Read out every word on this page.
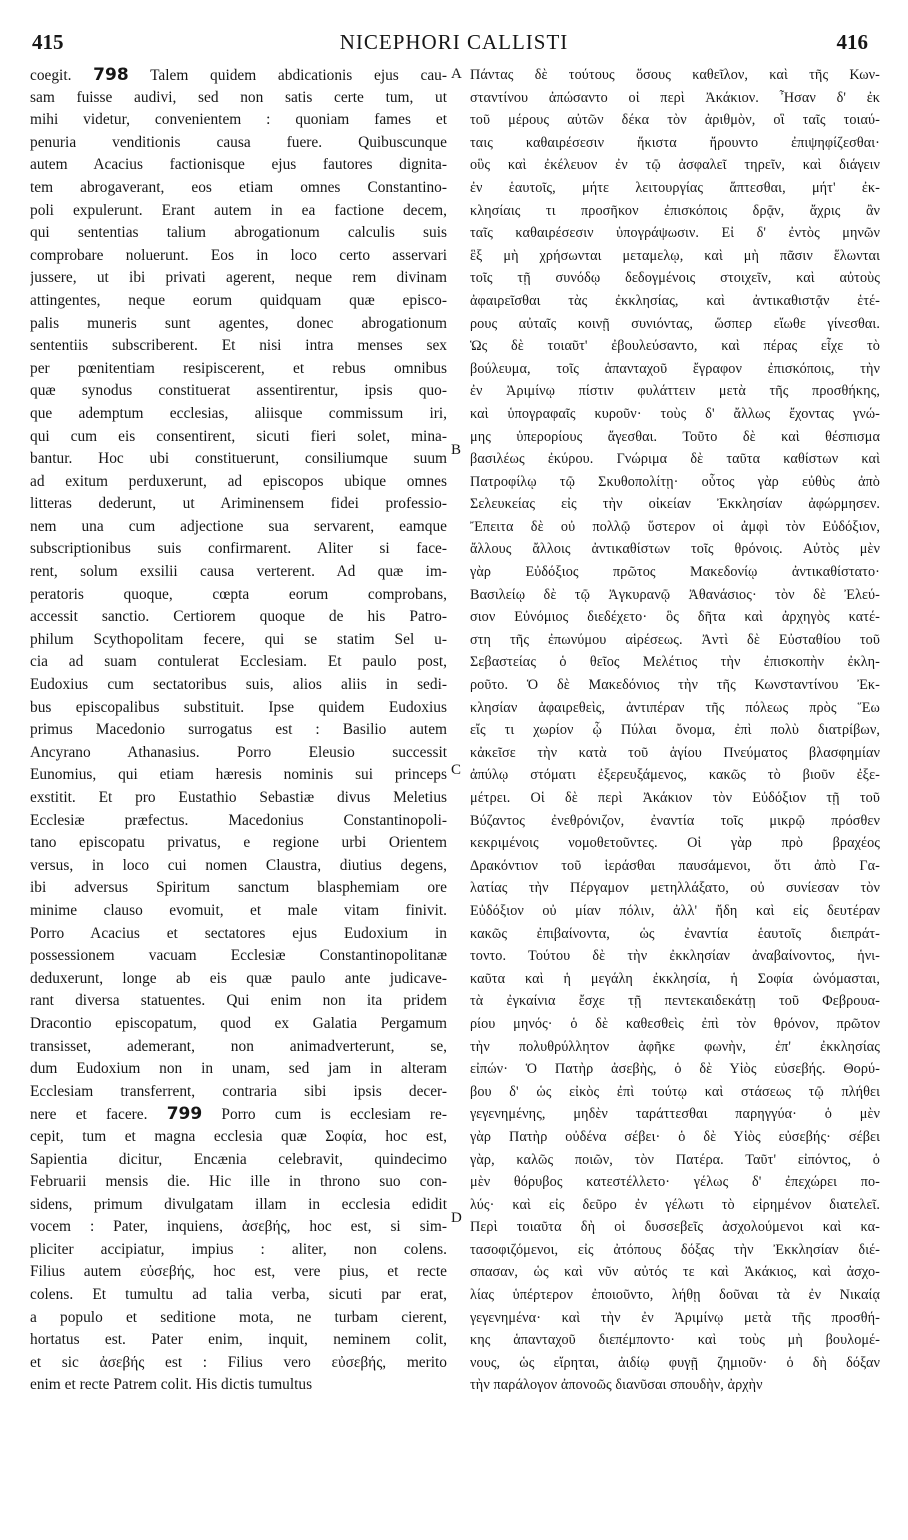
415	NICEPHORI CALLISTI	416
coegit. 798 Talem quidem abdicationis ejus cau-
sam fuisse audivi, sed non satis certe tum, ut
mihi videtur, convenientem : quoniam fames et
penuria venditionis causa fuere. Quibuscunque
autem Acacius factionisque ejus fautores dignita-
tem abrogaverant, eos etiam omnes Constantino-
poli expulerunt. Erant autem in ea factione decem,
qui sententias talium abrogationum calculis suis
comprobare noluerunt. Eos in loco certo asservari
jussere, ut ibi privati agerent, neque rem divinam
attingentes, neque eorum quidquam quæ episco-
palis muneris sunt agentes, donec abrogationum
sententiis subscriberent. Et nisi intra menses sex
per pœnitentiam resipiscerent, et rebus omnibus
quæ synodus constituerat assentirentur, ipsis quo-
que ademptum ecclesias, aliisque commissum iri,
qui cum eis consentirent, sicuti fieri solet, mina-
bantur. Hoc ubi constituerunt, consiliumque suum
ad exitum perduxerunt, ad episcopos ubique omnes
litteras dederunt, ut Ariminensem fidei professio-
nem una cum adjectione sua servarent, eamque
subscriptionibus suis confirmarent. Aliter si face-
rent, solum exsilii causa verterent. Ad quæ im-
peratoris quoque, cœpta eorum comprobans,
accessit sanctio. Certiorem quoque de his Patro-
philum Scythopolitam fecere, qui se statim Sel u-
cia ad suam contulerat Ecclesiam. Et paulo post,
Eudoxius cum sectatoribus suis, alios aliis in sedi-
bus episcopalibus substituit. Ipse quidem Eudoxius
primus Macedonio surrogatus est : Basilio autem
Ancyrano Athanasius. Porro Eleusio successit
Eunomius, qui etiam hæresis nominis sui princeps
exstitit. Et pro Eustathio Sebastiæ divus Meletius
Ecclesiæ præfectus. Macedonius Constantinopoli-
tano episcopatu privatus, e regione urbi Orientem
versus, in loco cui nomen Claustra, diutius degens,
ibi adversus Spiritum sanctum blasphemiam ore
minime clauso evomuit, et male vitam finivit.
Porro Acacius et sectatores ejus Eudoxium in
possessionem vacuam Ecclesiæ Constantinopolitanæ
deduxerunt, longe ab eis quæ paulo ante judicave-
rant diversa statuentes. Qui enim non ita pridem
Dracontio episcopatum, quod ex Galatia Pergamum
transisset, ademerant, non animadverterunt, se,
dum Eudoxium non in unam, sed jam in alteram
Ecclesiam transferrent, contraria sibi ipsis decer-
nere et facere. 799 Porro cum is ecclesiam re-
cepit, tum et magna ecclesia quæ Σοφία, hoc est,
Sapientia dicitur, Encænia celebravit, quindecimo
Februarii mensis die. Hic ille in throno suo con-
sidens, primum divulgatam illam in ecclesia edidit
vocem : Pater, inquiens, ἀσεβής, hoc est, si sim-
pliciter accipiatur, impius : aliter, non colens.
Filius autem εὐσεβής, hoc est, vere pius, et recte
colens. Et tumultu ad talia verba, sicuti par erat,
a populo et seditione mota, ne turbam cierent,
hortatus est. Pater enim, inquit, neminem colit,
et sic ἀσεβής est : Filius vero εὐσεβής, merito
enim et recte Patrem colit. His dictis tumultus
Πάντας δὲ τούτους ὅσους καθεῖλον, καὶ τῆς Κων-
σταντίνου ἀπώσαντο οἱ περὶ Ἀκάκιον. Ἦσαν δ' ἐκ
τοῦ μέρους αὐτῶν δέκα τὸν ἀριθμὸν, οἳ ταῖς τοιαύ-
ταις καθαιρέσεσιν ἥκιστα ἤρουντο ἐπιψηφίζεσθαι·
οὓς καὶ ἐκέλευον ἐν τῷ ἀσφαλεῖ τηρεῖν, καὶ διάγειν
ἐν ἑαυτοῖς, μήτε λειτουργίας ἅπτεσθαι, μήτ' ἐκ-
κλησίαις τι προσῆκον ἐπισκόποις δρᾷν, ἄχρις ἂν
ταῖς καθαιρέσεσιν ὑπογράψωσιν. Εἰ δ' ἐντὸς μηνῶν
ἓξ μὴ χρήσωνται μεταμελῳ, καὶ μὴ πᾶσιν ἕλωνται
τοῖς τῇ συνόδῳ δεδογμένοις στοιχεῖν, καὶ αὐτοὺς
ἀφαιρεῖσθαι τὰς ἐκκλησίας, καὶ ἀντικαθιστᾷν ἑτέ-
ρους αὐταῖς κοινῇ συνιόντας, ὥσπερ εἴωθε γίνεσθαι.
Ὡς δὲ τοιαῦτ' ἐβουλεύσαντο, καὶ πέρας εἶχε τὸ
βούλευμα, τοῖς ἁπανταχοῦ ἔγραφον ἐπισκόποις, τὴν
ἐν Ἀριμίνῳ πίστιν φυλάττειν μετὰ τῆς προσθήκης,
καὶ ὑπογραφαῖς κυροῦν· τοὺς δ' ἄλλως ἔχοντας γνώ-
μης ὑπερορίους ἄγεσθαι. Τοῦτο δὲ καὶ θέσπισμα
βασιλέως ἐκύρου. Γνώριμα δὲ ταῦτα καθίστων καὶ
Πατροφίλῳ τῷ Σκυθοπολίτῃ· οὗτος γὰρ εὐθὺς ἀπὸ
Σελευκείας εἰς τὴν οἰκείαν Ἐκκλησίαν ἀφώρμησεν.
Ἔπειτα δὲ οὐ πολλῷ ὕστερον οἱ ἀμφὶ τὸν Εὐδόξιον,
ἄλλους ἄλλοις ἀντικαθίστων τοῖς θρόνοις. Αὐτὸς μὲν
γὰρ Εὐδόξιος πρῶτος Μακεδονίῳ ἀντικαθίστατο·
Βασιλείῳ δὲ τῷ Ἀγκυρανῷ Ἀθανάσιος· τὸν δὲ Ἐλεύ-
σιον Εὐνόμιος διεδέχετο· ὃς δῆτα καὶ ἀρχηγὸς κατέ-
στη τῆς ἐπωνύμου αἱρέσεως. Ἀντὶ δὲ Εὐσταθίου τοῦ
Σεβαστείας ὁ θεῖος Μελέτιος τὴν ἐπισκοπὴν ἐκλη-
ροῦτο. Ὁ δὲ Μακεδόνιος τὴν τῆς Κωνσταντίνου Ἐκ-
κλησίαν ἀφαιρεθεὶς, ἀντιπέραν τῆς πόλεως πρὸς Ἕω
εἴς τι χωρίον ᾧ Πύλαι ὄνομα, ἐπὶ πολὺ διατρίβων,
κἀκεῖσε τὴν κατὰ τοῦ ἁγίου Πνεύματος βλασφημίαν
ἀπύλῳ στόματι ἐξερευξάμενος, κακῶς τὸ βιοῦν ἐξε-
μέτρει. Οἱ δὲ περὶ Ἀκάκιον τὸν Εὐδόξιον τῇ τοῦ
Βύζαντος ἐνεθρόνιζον, ἐναντία τοῖς μικρῷ πρόσθεν
κεκριμένοις νομοθετοῦντες. Οἱ γὰρ πρὸ βραχέος
Δρακόντιον τοῦ ἱεράσθαι παυσάμενοι, ὅτι ἀπὸ Γα-
λατίας τὴν Πέργαμον μετηλλάξατο, οὐ συνίεσαν τὸν
Εὐδόξιον οὐ μίαν πόλιν, ἀλλ' ἤδη καὶ εἰς δευτέραν
κακῶς ἐπιβαίνοντα, ὡς ἐναντία ἑαυτοῖς διεπράτ-
τοντο. Τούτου δὲ τὴν ἐκκλησίαν ἀναβαίνοντος, ἡνι-
καῦτα καὶ ἡ μεγάλη ἐκκλησία, ἡ Σοφία ὠνόμασται,
τὰ ἐγκαίνια ἔσχε τῇ πεντεκαιδεκάτῃ τοῦ Φεβρουα-
ρίου μηνός· ὁ δὲ καθεσθεὶς ἐπὶ τὸν θρόνον, πρῶτον
τὴν πολυθρύλλητον ἀφῆκε φωνὴν, ἐπ' ἐκκλησίας
εἰπών· Ὁ Πατὴρ ἀσεβὴς, ὁ δὲ Υἱὸς εὐσεβής. Θορύ-
βου δ' ὡς εἰκὸς ἐπὶ τούτῳ καὶ στάσεως τῷ πλήθει
γεγενημένης, μηδὲν ταράττεσθαι παρηγγύα· ὁ μὲν
γὰρ Πατὴρ οὐδένα σέβει· ὁ δὲ Υἱὸς εὐσεβής· σέβει
γὰρ, καλῶς ποιῶν, τὸν Πατέρα. Ταῦτ' εἰπόντος, ὁ
μὲν θόρυβος κατεστέλλετο· γέλως δ' ἐπεχώρει πο-
λύς· καὶ εἰς δεῦρο ἐν γέλωτι τὸ εἰρημένον διατελεῖ.
Περὶ τοιαῦτα δὴ οἱ δυσσεβεῖς ἀσχολούμενοι καὶ κα-
τασοφιζόμενοι, εἰς ἀτόπους δόξας τὴν Ἐκκλησίαν διέ-
σπασαν, ὡς καὶ νῦν αὐτός τε καὶ Ἀκάκιος, καὶ ἀσχο-
λίας ὑπέρτερον ἐποιοῦντο, λήθῃ δοῦναι τὰ ἐν Νικαίᾳ
γεγενημένα· καὶ τὴν ἐν Ἀριμίνῳ μετὰ τῆς προσθή-
κης ἁπανταχοῦ διεπέμποντο· καὶ τοὺς μὴ βουλομέ-
νους, ὡς εἴρηται, ἀιδίῳ φυγῇ ζημιοῦν· ὁ δὴ δόξαν
τὴν παράλογον ἀπονοῶς διανῦσαι σπουδὴν, ἀρχὴν
A
B
C
D
